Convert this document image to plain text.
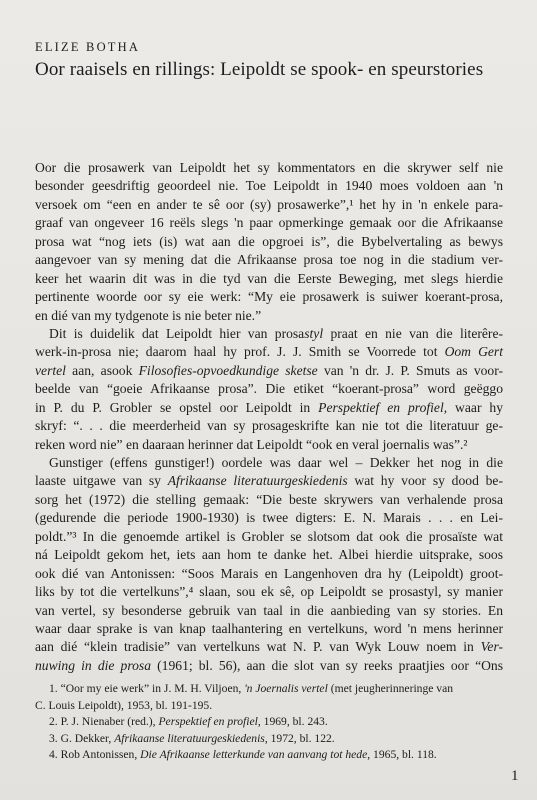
ELIZE BOTHA
Oor raaisels en rillings: Leipoldt se spook- en speurstories
Oor die prosawerk van Leipoldt het sy kommentators en die skrywer self nie
besonder geesdriftig geoordeel nie. Toe Leipoldt in 1940 moes voldoen aan 'n
versoek om “een en ander te sê oor (sy) prosawerke”,¹ het hy in 'n enkele para-
graaf van ongeveer 16 reëls slegs 'n paar opmerkinge gemaak oor die Afrikaanse
prosa wat “nog iets (is) wat aan die opgroei is”, die Bybelvertaling as bewys
aangevoer van sy mening dat die Afrikaanse prosa toe nog in die stadium ver-
keer het waarin dit was in die tyd van die Eerste Beweging, met slegs hierdie
pertinente woorde oor sy eie werk: “My eie prosawerk is suiwer koerant-prosa,
en dié van my tydgenote is nie beter nie.”
Dit is duidelik dat Leipoldt hier van prosastyl praat en nie van die literêre-
werk-in-prosa nie; daarom haal hy prof. J. J. Smith se Voorrede tot Oom Gert
vertel aan, asook Filosofies-opvoedkundige sketse van 'n dr. J. P. Smuts as voor-
beelde van “goeie Afrikaanse prosa”. Die etiket “koerant-prosa” word geëggo
in P. du P. Grobler se opstel oor Leipoldt in Perspektief en profiel, waar hy
skryf: “. . . die meerderheid van sy prosageskrifte kan nie tot die literatuur ge-
reken word nie” en daaraan herinner dat Leipoldt “ook en veral joernalis was”.²
Gunstiger (effens gunstiger!) oordele was daar wel – Dekker het nog in die
laaste uitgawe van sy Afrikaanse literatuurgeskiedenis wat hy voor sy dood be-
sorg het (1972) die stelling gemaak: “Die beste skrywers van verhalende prosa
(gedurende die periode 1900-1930) is twee digters: E. N. Marais . . . en Lei-
poldt.”³ In die genoemde artikel is Grobler se slotsom dat ook die prosaïste wat
ná Leipoldt gekom het, iets aan hom te danke het. Albei hierdie uitsprake, soos
ook dié van Antonissen: “Soos Marais en Langenhoven dra hy (Leipoldt) groot-
liks by tot die vertelkuns”,⁴ slaan, sou ek sê, op Leipoldt se prosastyl, sy manier
van vertel, sy besonderse gebruik van taal in die aanbieding van sy stories. En
waar daar sprake is van knap taalhantering en vertelkuns, word 'n mens herinner
aan dié “klein tradisie” van vertelkuns wat N. P. van Wyk Louw noem in Ver-
nuwing in die prosa (1961; bl. 56), aan die slot van sy reeks praatjies oor “Ons
1. “Oor my eie werk” in J. M. H. Viljoen, 'n Joernalis vertel (met jeugherinneringe van
C. Louis Leipoldt), 1953, bl. 191-195.
2. P. J. Nienaber (red.), Perspektief en profiel, 1969, bl. 243.
3. G. Dekker, Afrikaanse literatuurgeskiedenis, 1972, bl. 122.
4. Rob Antonissen, Die Afrikaanse letterkunde van aanvang tot hede, 1965, bl. 118.
1
